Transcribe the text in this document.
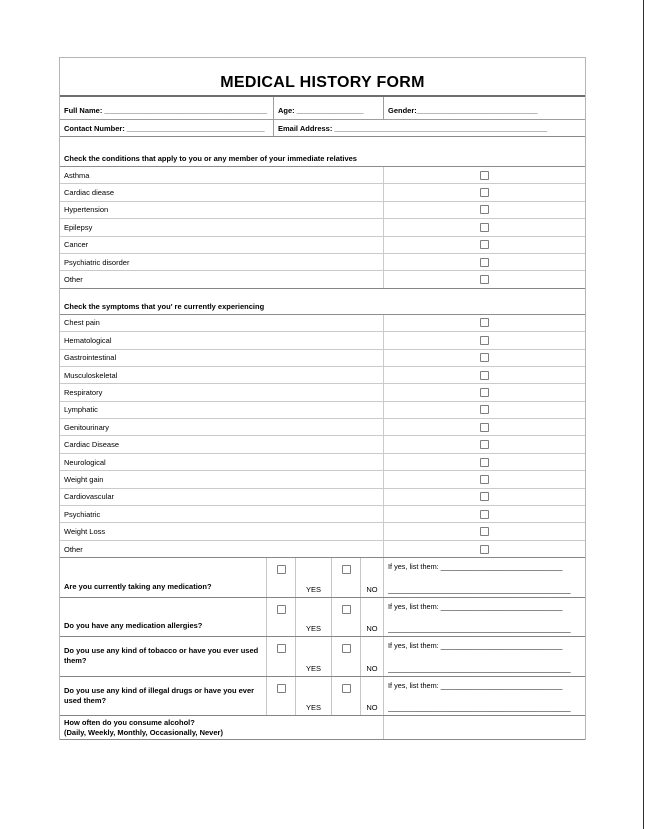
MEDICAL HISTORY FORM
Full Name: _______________________________________	Age: ________________	Gender:_____________________________
Contact Number: _________________________________	Email Address: ___________________________________________________
Check the conditions that apply to you or any member of your immediate relatives
Asthma
Cardiac diease
Hypertension
Epilepsy
Cancer
Psychiatric disorder
Other
Check the symptoms that you' re currently experiencing
Chest pain
Hematological
Gastrointestinal
Musculoskeletal
Respiratory
Lymphatic
Genitourinary
Cardiac Disease
Neurological
Weight gain
Cardiovascular
Psychiatric
Weight Loss
Other
Are you currently taking any medication?	YES	NO
If yes, list them: ______________________________
_____________________________________________
Do you have any medication allergies?	YES	NO
If yes, list them: ______________________________
_____________________________________________
Do you use any kind of tobacco or have you ever used them?
YES	NO
If yes, list them: ______________________________
_____________________________________________
Do you use any kind of illegal drugs or have you ever used them?
YES	NO
If yes, list them: ______________________________
_____________________________________________
How often do you consume alcohol?
(Daily, Weekly, Monthly, Occasionally, Never)
